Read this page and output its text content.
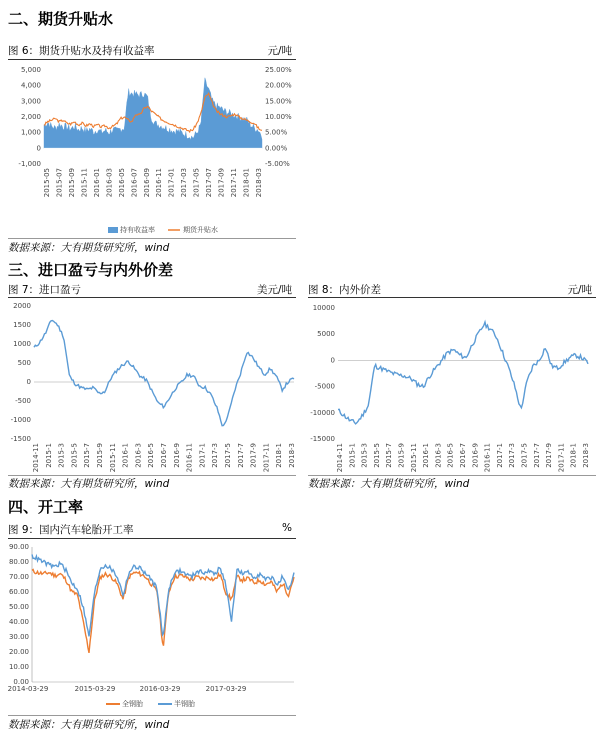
二、期货升贴水
图 6：期货升贴水及持有收益率	元/吨
5,000
4,000
3,000
2,000
1,000
0
-1,000
25.00%
20.00%
15.00%
10.00%
5.00%
0.00%
-5.00%
2015-05 2015-07 2015-09 2015-11 2016-01 2016-03 2016-05 2016-07 2016-09 2016-11 2017-01 2017-03 2017-05 2017-07 2017-09 2017-11 2018-01 2018-03
持有收益率	期货升贴水
数据来源：大有期货研究所，wind
三、进口盈亏与内外价差
图 7：进口盈亏	美元/吨
2000
1500
1000
500
0
-500
-1000
-1500
2014-11 2015-1 2015-3 2015-5 2015-7 2015-9 2015-11 2016-1 2016-3 2016-5 2016-7 2016-9 2016-11 2017-1 2017-3 2017-5 2017-7 2017-9 2017-11 2018-1 2018-3
数据来源：大有期货研究所，wind
图 8：内外价差	元/吨
10000
5000
0
-5000
-10000
-15000
2014-11 2015-1 2015-3 2015-5 2015-7 2015-9 2015-11 2016-1 2016-3 2016-5 2016-7 2016-9 2016-11 2017-1 2017-3 2017-5 2017-7 2017-9 2017-11 2018-1 2018-3
数据来源：大有期货研究所，wind
四、开工率
图 9：国内汽车轮胎开工率	%
90.00
80.00
70.00
60.00
50.00
40.00
30.00
20.00
10.00
0.00
2014-03-29	2015-03-29	2016-03-29	2017-03-29
全钢胎	半钢胎
数据来源：大有期货研究所，wind
